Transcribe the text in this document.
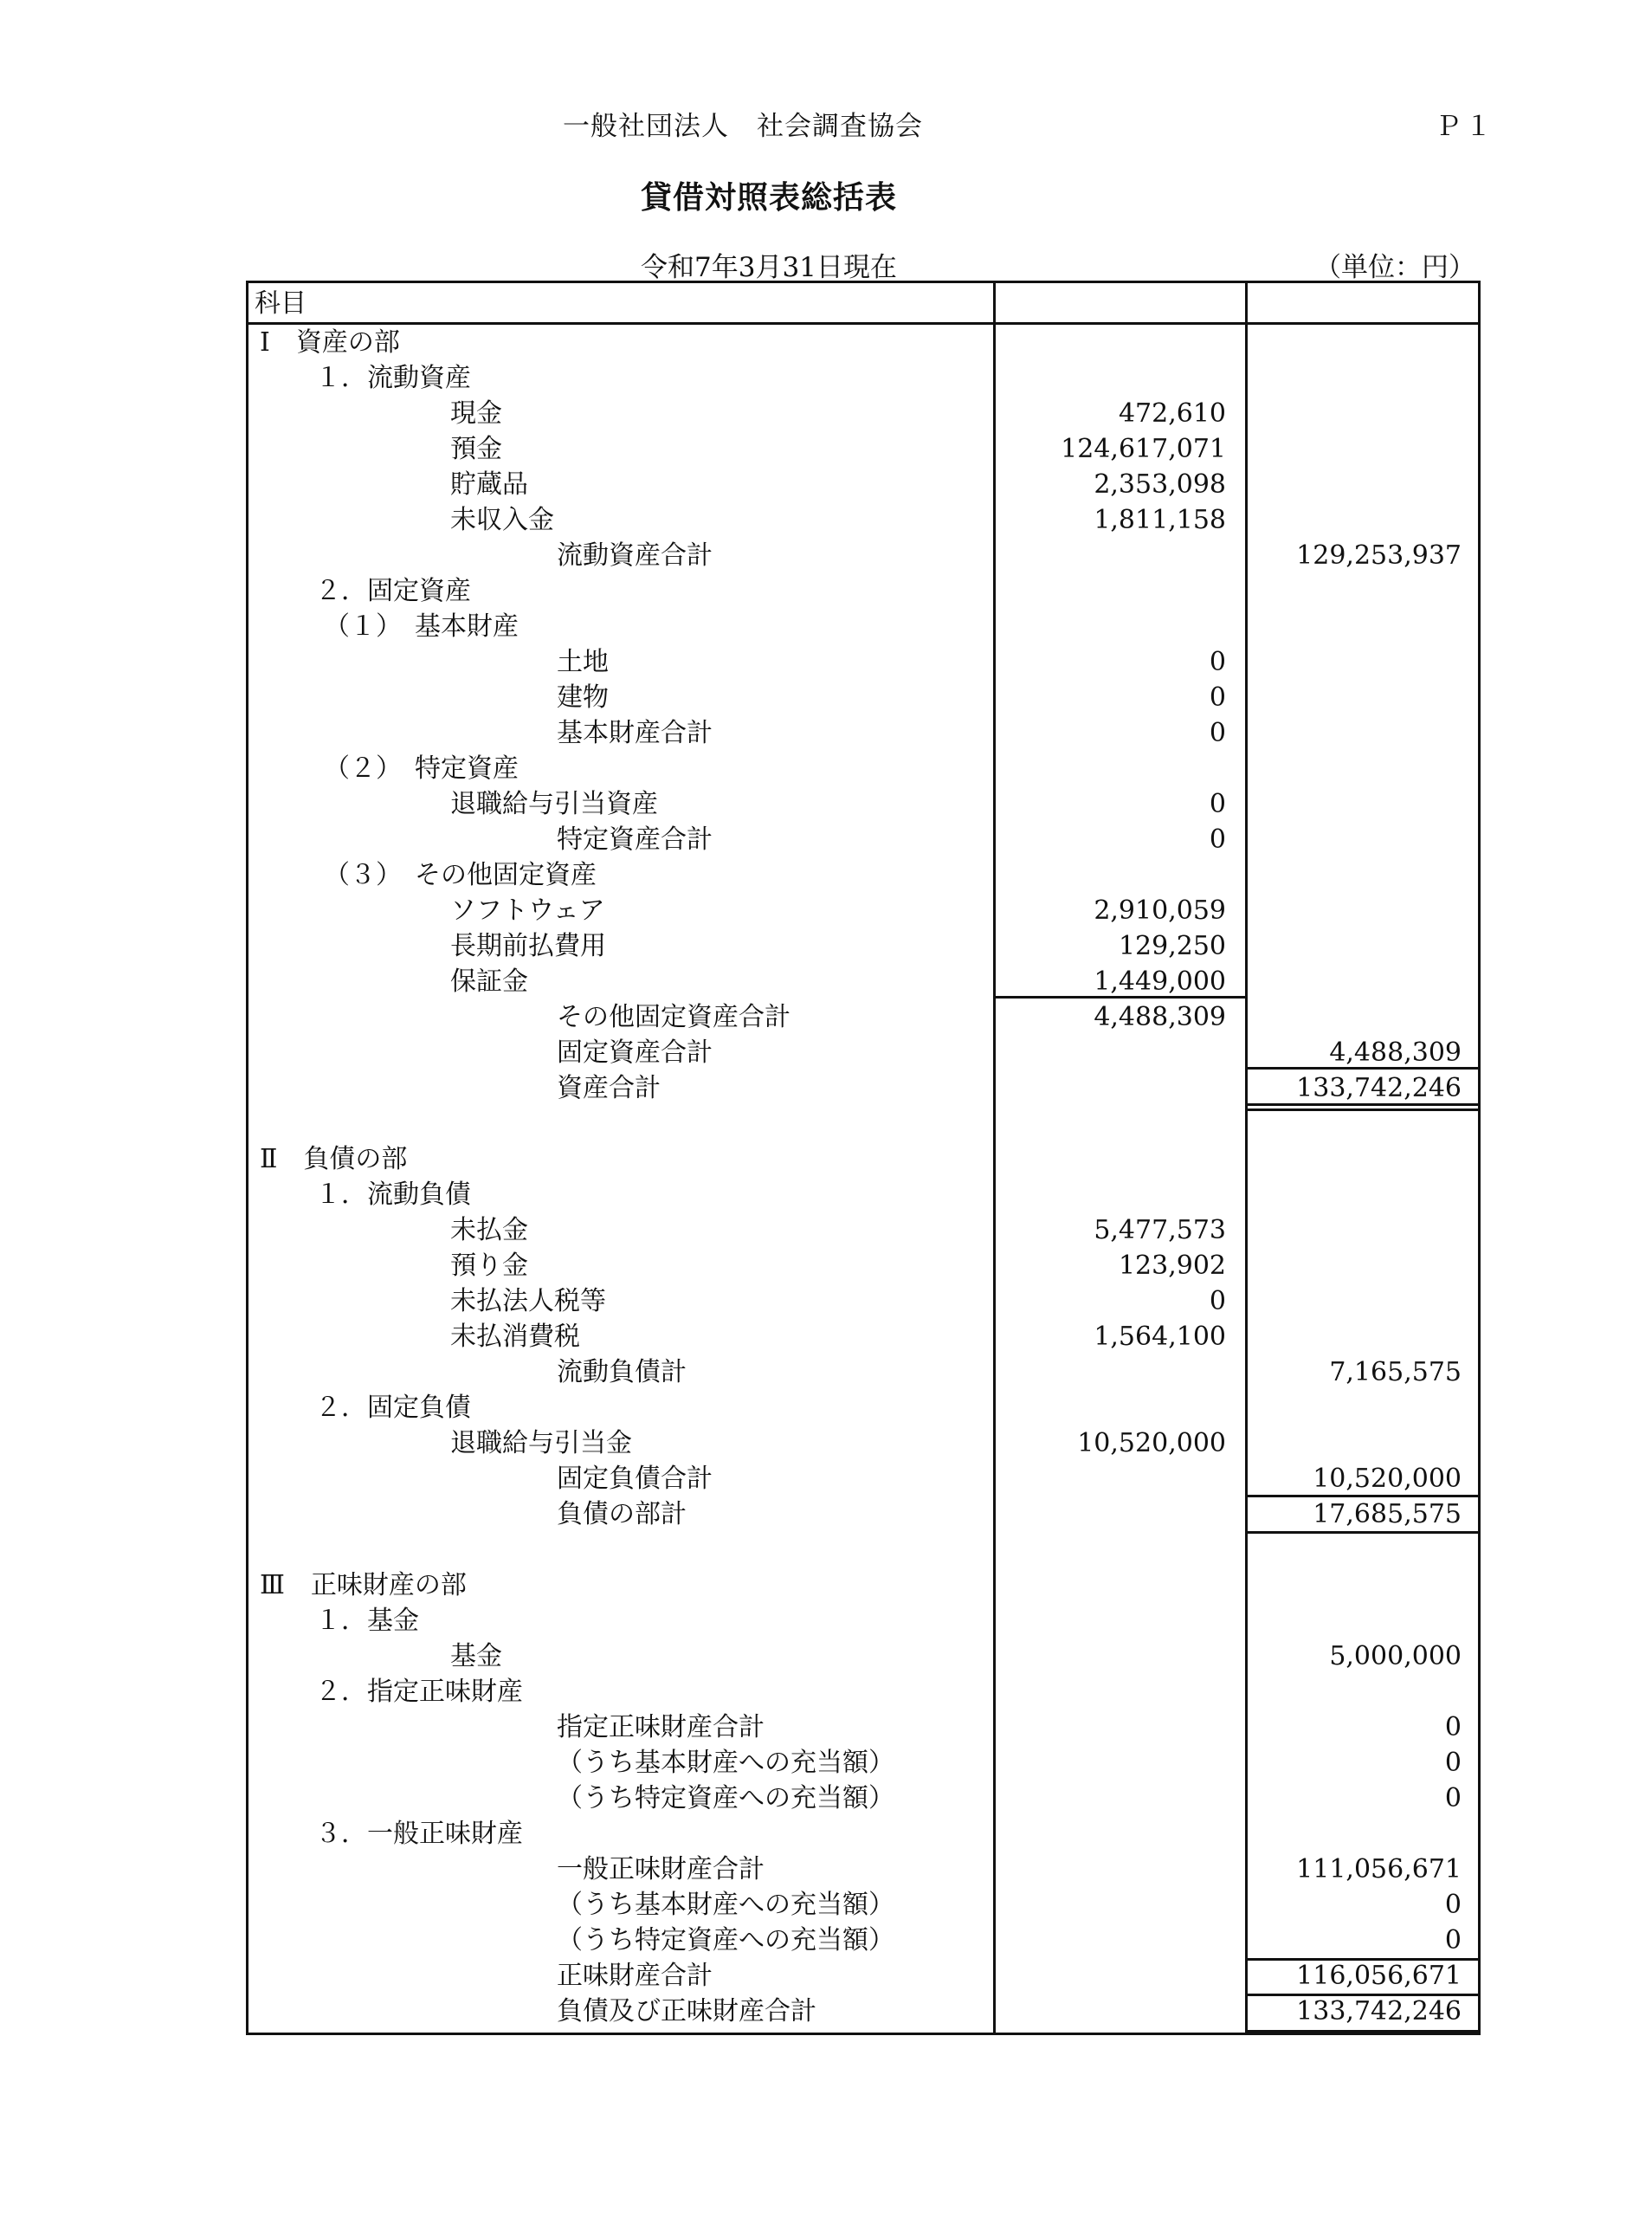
一般社団法人　社会調査協会	Ｐ１
貸借対照表総括表
令和7年3月31日現在	（単位：円）
科目
Ⅰ　資産の部
１．流動資産
現金	472,610
預金	124,617,071
貯蔵品	2,353,098
未収入金	1,811,158
流動資産合計	129,253,937
２．固定資産
（１）　基本財産
土地	0
建物	0
基本財産合計	0
（２）　特定資産
退職給与引当資産	0
特定資産合計	0
（３）　その他固定資産
ソフトウェア	2,910,059
長期前払費用	129,250
保証金	1,449,000
その他固定資産合計	4,488,309
固定資産合計	4,488,309
資産合計	133,742,246
Ⅱ　負債の部
１．流動負債
未払金	5,477,573
預り金	123,902
未払法人税等	0
未払消費税	1,564,100
流動負債計	7,165,575
２．固定負債
退職給与引当金	10,520,000
固定負債合計	10,520,000
負債の部計	17,685,575
Ⅲ　正味財産の部
１．基金
基金	5,000,000
２．指定正味財産
指定正味財産合計	0
（うち基本財産への充当額）	0
（うち特定資産への充当額）	0
３．一般正味財産
一般正味財産合計	111,056,671
（うち基本財産への充当額）	0
（うち特定資産への充当額）	0
正味財産合計	116,056,671
負債及び正味財産合計	133,742,246
